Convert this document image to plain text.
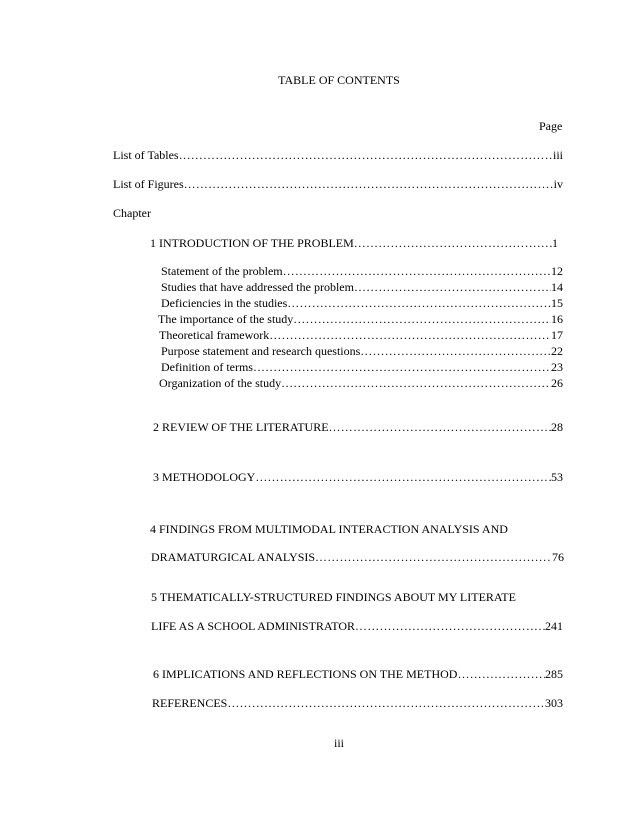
TABLE OF CONTENTS
Page
List of Tables ………………………………………………………………………………………………………………………………………………	iii
List of Figures ………………………………………………………………………………………………………………………………………………	iv
Chapter
1 INTRODUCTION OF THE PROBLEM ………………………………………………………………………………………………………………………………………………	1
Statement of the problem ………………………………………………………………………………………………………………………………………………	12
Studies that have addressed the problem ………………………………………………………………………………………………………………………………………………	14
Deficiencies in the studies ………………………………………………………………………………………………………………………………………………	15
The importance of the study ………………………………………………………………………………………………………………………………………………	16
Theoretical framework ………………………………………………………………………………………………………………………………………………	17
Purpose statement and research questions ………………………………………………………………………………………………………………………………………………	22
Definition of terms ………………………………………………………………………………………………………………………………………………	23
Organization of the study ………………………………………………………………………………………………………………………………………………	26
2 REVIEW OF THE LITERATURE ………………………………………………………………………………………………………………………………………………	28
3 METHODOLOGY ………………………………………………………………………………………………………………………………………………	53
4 FINDINGS FROM MULTIMODAL INTERACTION ANALYSIS AND
DRAMATURGICAL ANALYSIS ………………………………………………………………………………………………………………………………………………	76
5 THEMATICALLY-STRUCTURED FINDINGS ABOUT MY LITERATE
LIFE AS A SCHOOL ADMINISTRATOR ………………………………………………………………………………………………………………………………………………	241
6 IMPLICATIONS AND REFLECTIONS ON THE METHOD ………………………………………………………………………………………………………………………………………………	285
REFERENCES ………………………………………………………………………………………………………………………………………………	303
iii
